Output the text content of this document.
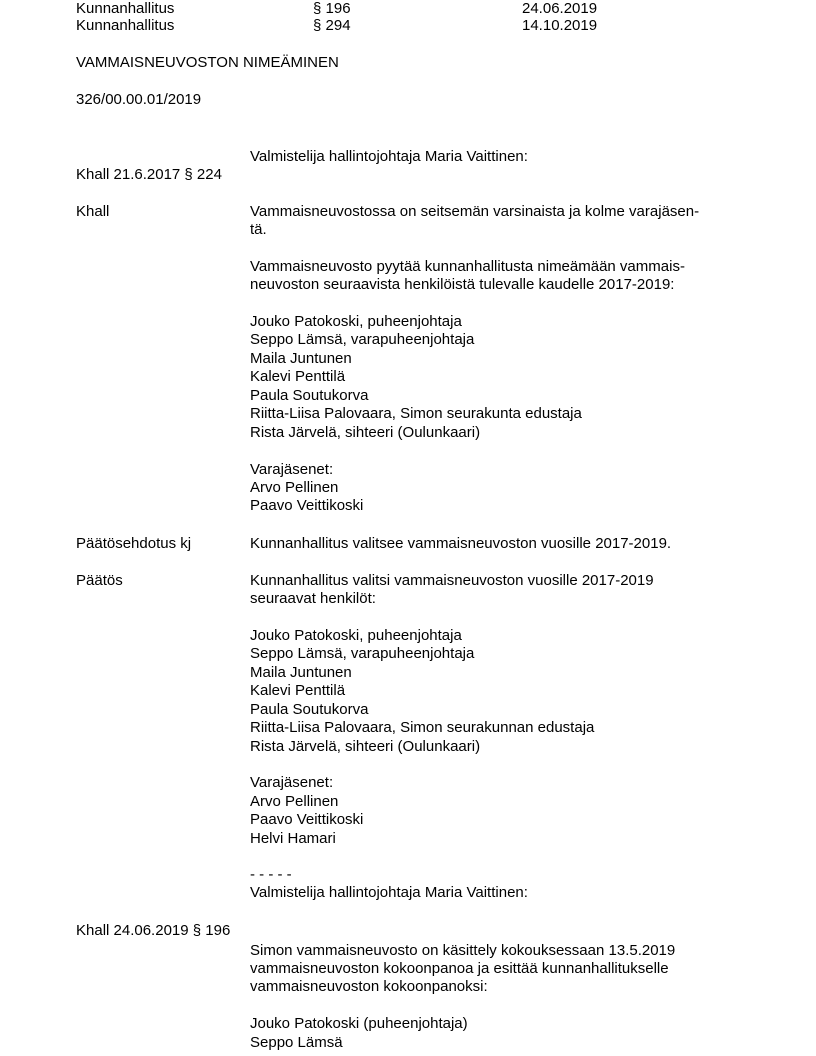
Kunnanhallitus	§ 196	24.06.2019
Kunnanhallitus	§ 294	14.10.2019
VAMMAISNEUVOSTON NIMEÄMINEN
326/00.00.01/2019
Valmistelija hallintojohtaja Maria Vaittinen:
Khall 21.6.2017 § 224
Khall	Vammaisneuvostossa on seitsemän varsinaista ja kolme varajäsen-
tä.
Vammaisneuvosto pyytää kunnanhallitusta nimeämään vammais-
neuvoston seuraavista henkilöistä tulevalle kaudelle 2017-2019:
Jouko Patokoski, puheenjohtaja
Seppo Lämsä, varapuheenjohtaja
Maila Juntunen
Kalevi Penttilä
Paula Soutukorva
Riitta-Liisa Palovaara, Simon seurakunta edustaja
Rista Järvelä, sihteeri (Oulunkaari)
Varajäsenet:
Arvo Pellinen
Paavo Veittikoski
Päätösehdotus kj	Kunnanhallitus valitsee vammaisneuvoston vuosille 2017-2019.
Päätös	Kunnanhallitus valitsi vammaisneuvoston vuosille 2017-2019
seuraavat henkilöt:
Jouko Patokoski, puheenjohtaja
Seppo Lämsä, varapuheenjohtaja
Maila Juntunen
Kalevi Penttilä
Paula Soutukorva
Riitta-Liisa Palovaara, Simon seurakunnan edustaja
Rista Järvelä, sihteeri (Oulunkaari)
Varajäsenet:
Arvo Pellinen
Paavo Veittikoski
Helvi Hamari
- - - - -
Valmistelija hallintojohtaja Maria Vaittinen:
Khall 24.06.2019 § 196
Simon vammaisneuvosto on käsittely kokouksessaan 13.5.2019
vammaisneuvoston kokoonpanoa ja esittää kunnanhallitukselle
vammaisneuvoston kokoonpanoksi:
Jouko Patokoski (puheenjohtaja)
Seppo Lämsä
